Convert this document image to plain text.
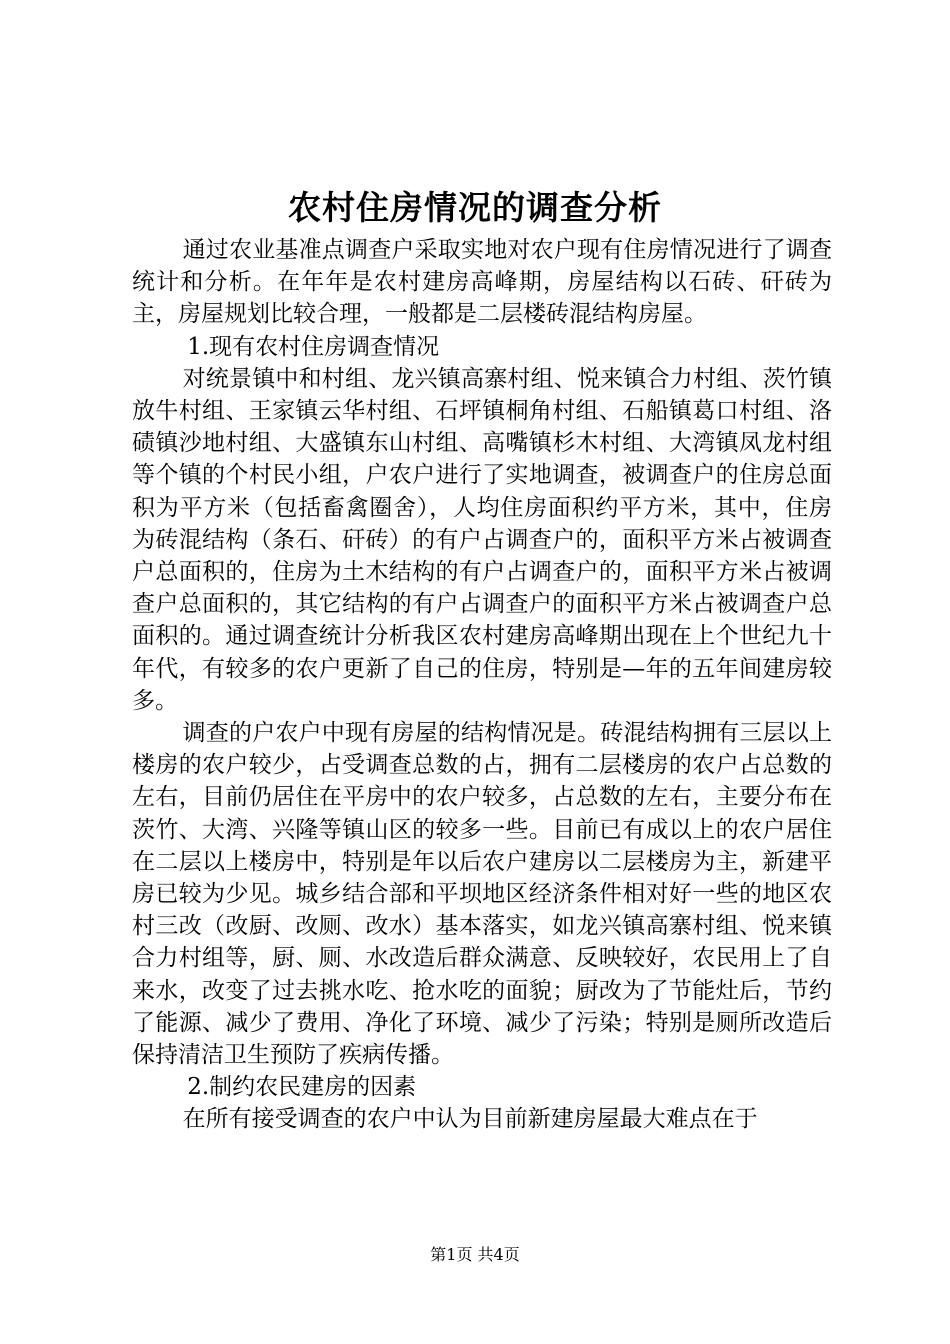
农村住房情况的调查分析

通过农业基准点调查户采取实地对农户现有住房情况进行了调查统计和分析。在年年是农村建房高峰期，房屋结构以石砖、矸砖为主，房屋规划比较合理，一般都是二层楼砖混结构房屋。

1.现有农村住房调查情况

对统景镇中和村组、龙兴镇高寨村组、悦来镇合力村组、茨竹镇放牛村组、王家镇云华村组、石坪镇桐角村组、石船镇葛口村组、洛碛镇沙地村组、大盛镇东山村组、高嘴镇杉木村组、大湾镇凤龙村组等个镇的个村民小组，户农户进行了实地调查，被调查户的住房总面积为平方米（包括畜禽圈舍），人均住房面积约平方米，其中，住房为砖混结构（条石、矸砖）的有户占调查户的，面积平方米占被调查户总面积的，住房为土木结构的有户占调查户的，面积平方米占被调查户总面积的，其它结构的有户占调查户的面积平方米占被调查户总面积的。通过调查统计分析我区农村建房高峰期出现在上个世纪九十年代，有较多的农户更新了自己的住房，特别是—年的五年间建房较多。

调查的户农户中现有房屋的结构情况是。砖混结构拥有三层以上楼房的农户较少，占受调查总数的占，拥有二层楼房的农户占总数的左右，目前仍居住在平房中的农户较多，占总数的左右，主要分布在茨竹、大湾、兴隆等镇山区的较多一些。目前已有成以上的农户居住在二层以上楼房中，特别是年以后农户建房以二层楼房为主，新建平房已较为少见。城乡结合部和平坝地区经济条件相对好一些的地区农村三改（改厨、改厕、改水）基本落实，如龙兴镇高寨村组、悦来镇合力村组等，厨、厕、水改造后群众满意、反映较好，农民用上了自来水，改变了过去挑水吃、抢水吃的面貌；厨改为了节能灶后，节约了能源、减少了费用、净化了环境、减少了污染；特别是厕所改造后保持清洁卫生预防了疾病传播。

2.制约农民建房的因素

在所有接受调查的农户中认为目前新建房屋最大难点在于

第1页 共4页
